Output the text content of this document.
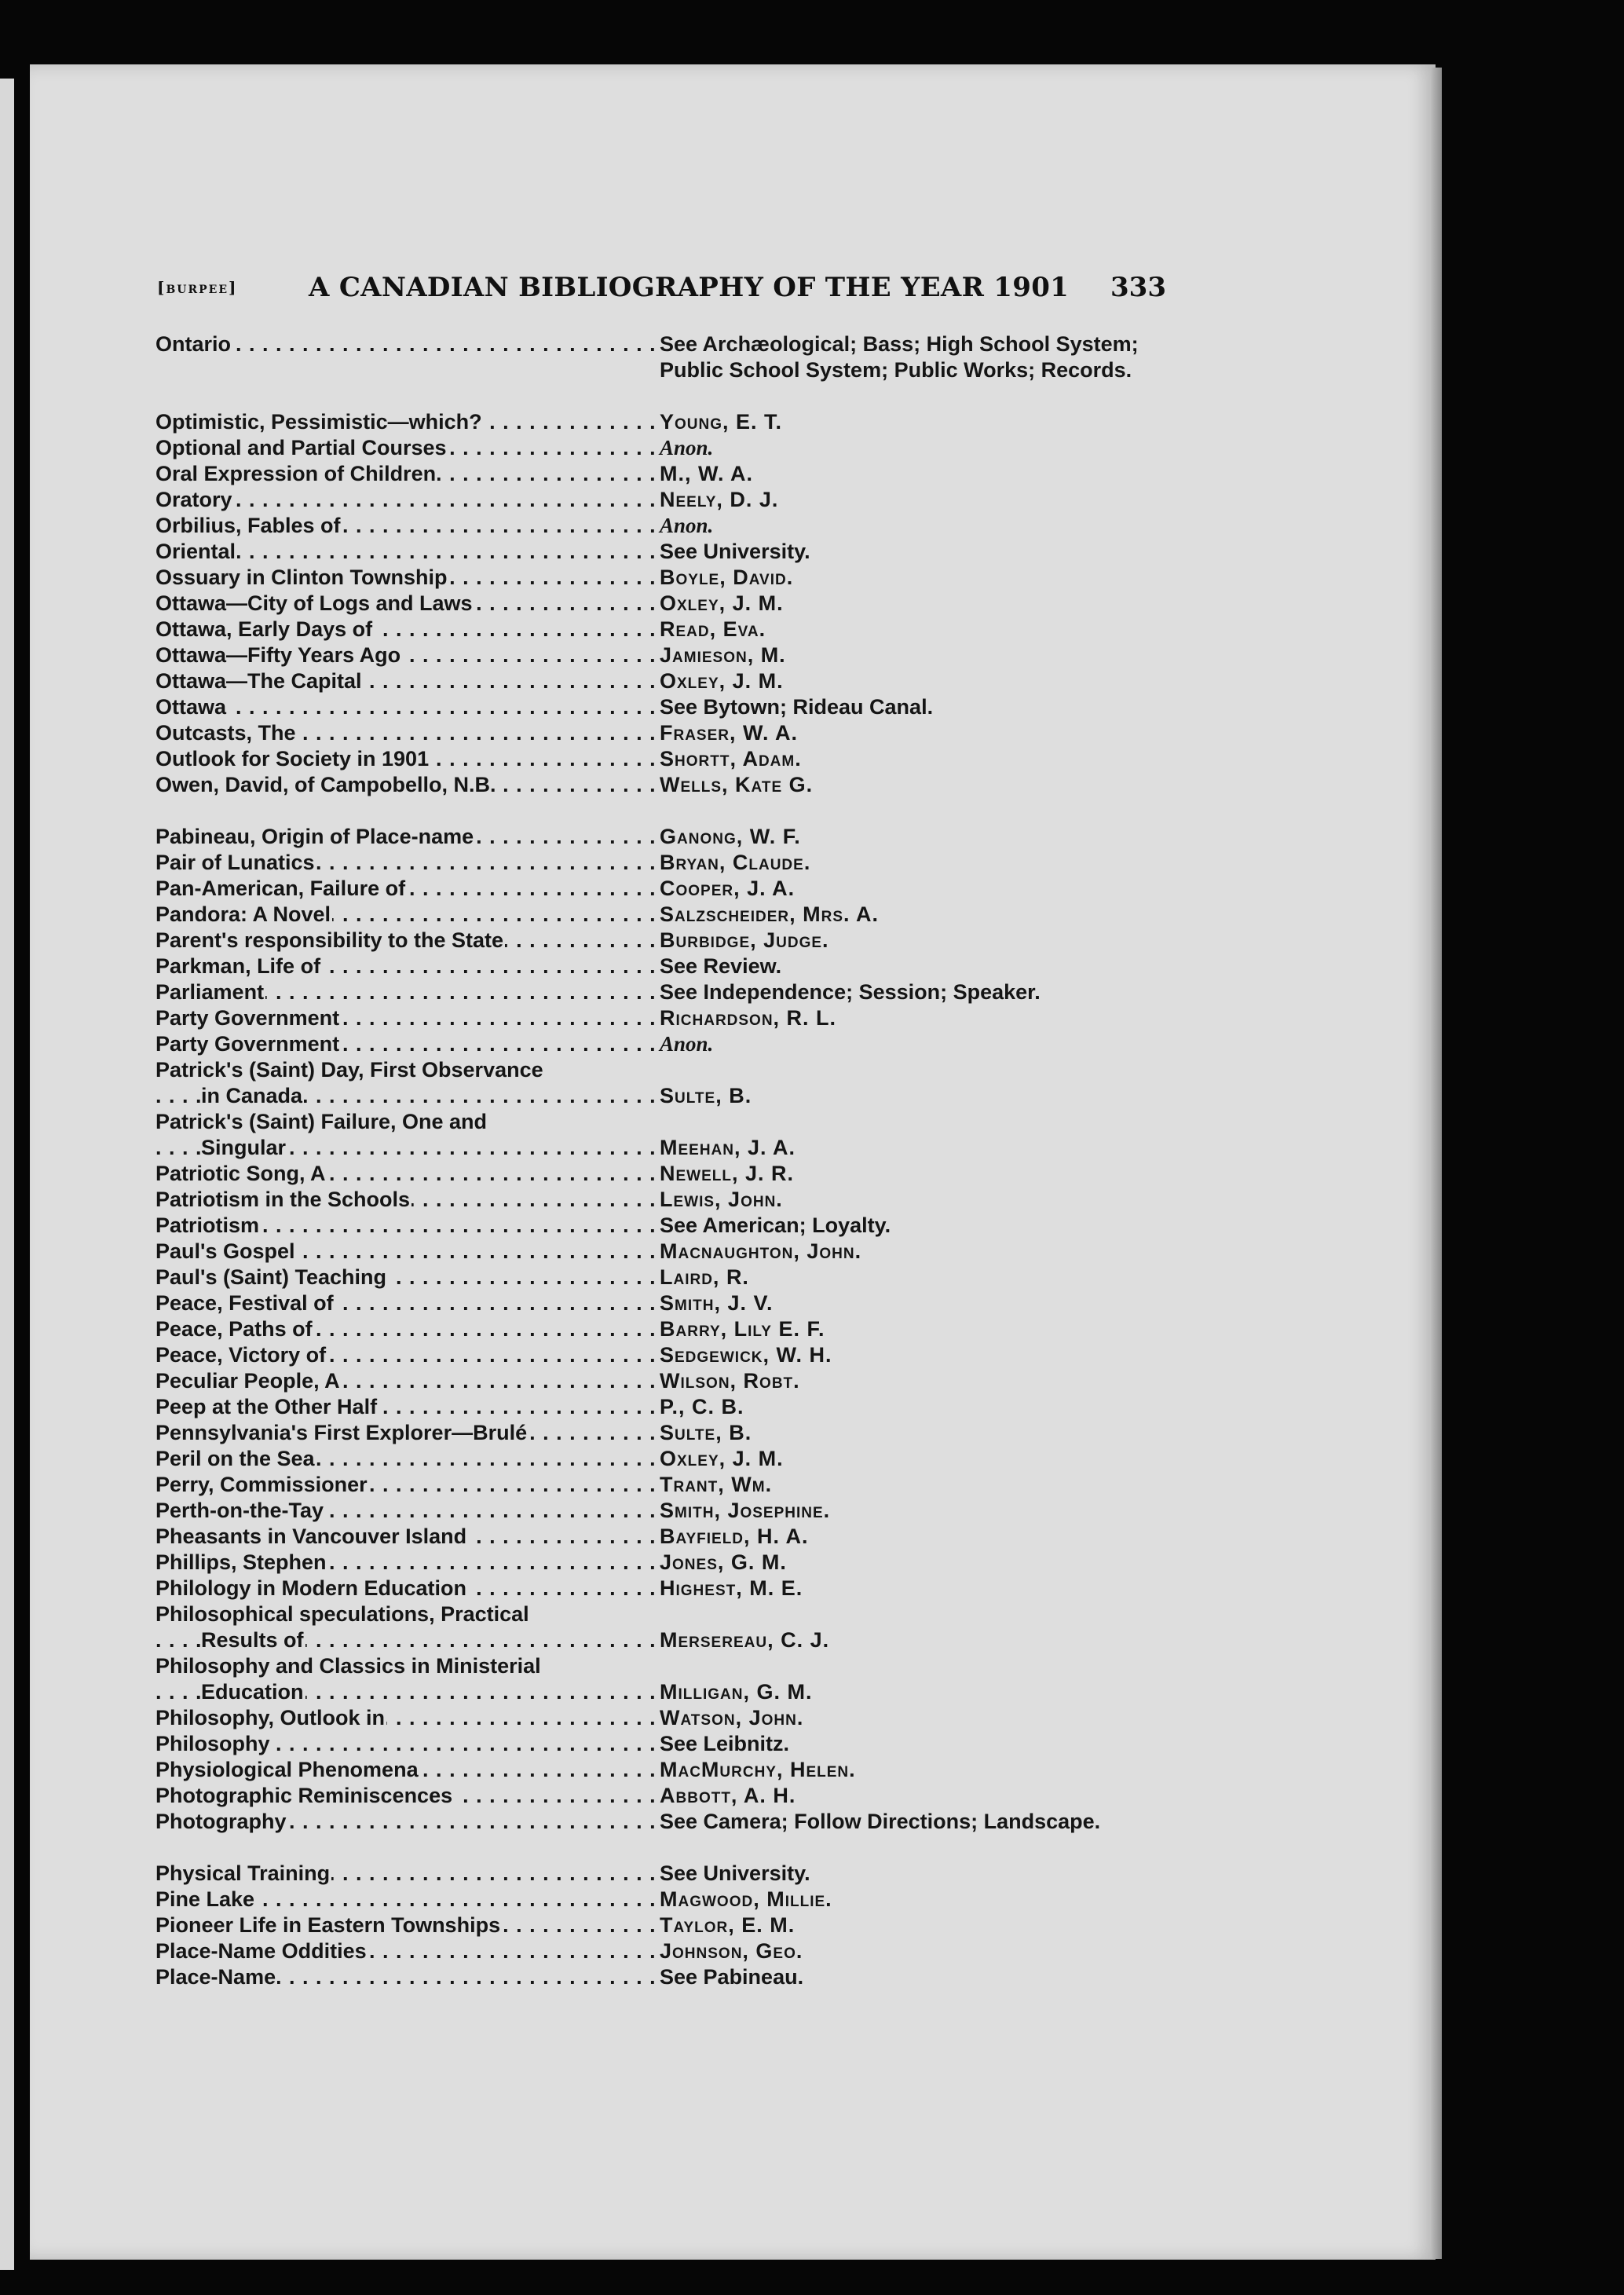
[burpee]	A CANADIAN BIBLIOGRAPHY OF THE YEAR 1901 333
Ontario . . .	See Archæological; Bass; High School System; Public School System; Public Works; Records.
Optimistic, Pessimistic—which? . . .	Young, E. T.
Optional and Partial Courses . . .	Anon.
Oral Expression of Children . . .	M., W. A.
Oratory . . .	Neely, D. J.
Orbilius, Fables of . . .	Anon.
Oriental . . .	See University.
Ossuary in Clinton Township . . .	Boyle, David.
Ottawa—City of Logs and Laws . . .	Oxley, J. M.
Ottawa, Early Days of . . .	Read, Eva.
Ottawa—Fifty Years Ago . . .	Jamieson, M.
Ottawa—The Capital . . .	Oxley, J. M.
Ottawa . . .	See Bytown; Rideau Canal.
Outcasts, The . . .	Fraser, W. A.
Outlook for Society in 1901 . . .	Shortt, Adam.
Owen, David, of Campobello, N.B. . . .	Wells, Kate G.
Pabineau, Origin of Place-name . . .	Ganong, W. F.
Pair of Lunatics . . .	Bryan, Claude.
Pan-American, Failure of . . .	Cooper, J. A.
Pandora: A Novel . . .	Salzscheider, Mrs. A.
Parent's responsibility to the State . . .	Burbidge, Judge.
Parkman, Life of . . .	See Review.
Parliament . . .	See Independence; Session; Speaker.
Party Government . . .	Richardson, R. L.
Party Government . . .	Anon.
Patrick's (Saint) Day, First Observance
in Canada . . .	Sulte, B.
Patrick's (Saint) Failure, One and
Singular . . .	Meehan, J. A.
Patriotic Song, A . . .	Newell, J. R.
Patriotism in the Schools . . .	Lewis, John.
Patriotism . . .	See American; Loyalty.
Paul's Gospel . . .	Macnaughton, John.
Paul's (Saint) Teaching . . .	Laird, R.
Peace, Festival of . . .	Smith, J. V.
Peace, Paths of . . .	Barry, Lily E. F.
Peace, Victory of . . .	Sedgewick, W. H.
Peculiar People, A . . .	Wilson, Robt.
Peep at the Other Half . . .	P., C. B.
Pennsylvania's First Explorer—Brulé . . .	Sulte, B.
Peril on the Sea . . .	Oxley, J. M.
Perry, Commissioner . . .	Trant, Wm.
Perth-on-the-Tay . . .	Smith, Josephine.
Pheasants in Vancouver Island . . .	Bayfield, H. A.
Phillips, Stephen . . .	Jones, G. M.
Philology in Modern Education . . .	Highest, M. E.
Philosophical speculations, Practical
Results of . . .	Mersereau, C. J.
Philosophy and Classics in Ministerial
Education . . .	Milligan, G. M.
Philosophy, Outlook in . . .	Watson, John.
Philosophy . . .	See Leibnitz.
Physiological Phenomena . . .	MacMurchy, Helen.
Photographic Reminiscences . . .	Abbott, A. H.
Photography . . .	See Camera; Follow Directions; Landscape.
Physical Training . . .	See University.
Pine Lake . . .	Magwood, Millie.
Pioneer Life in Eastern Townships . . .	Taylor, E. M.
Place-Name Oddities . . .	Johnson, Geo.
Place-Name . . .	See Pabineau.
